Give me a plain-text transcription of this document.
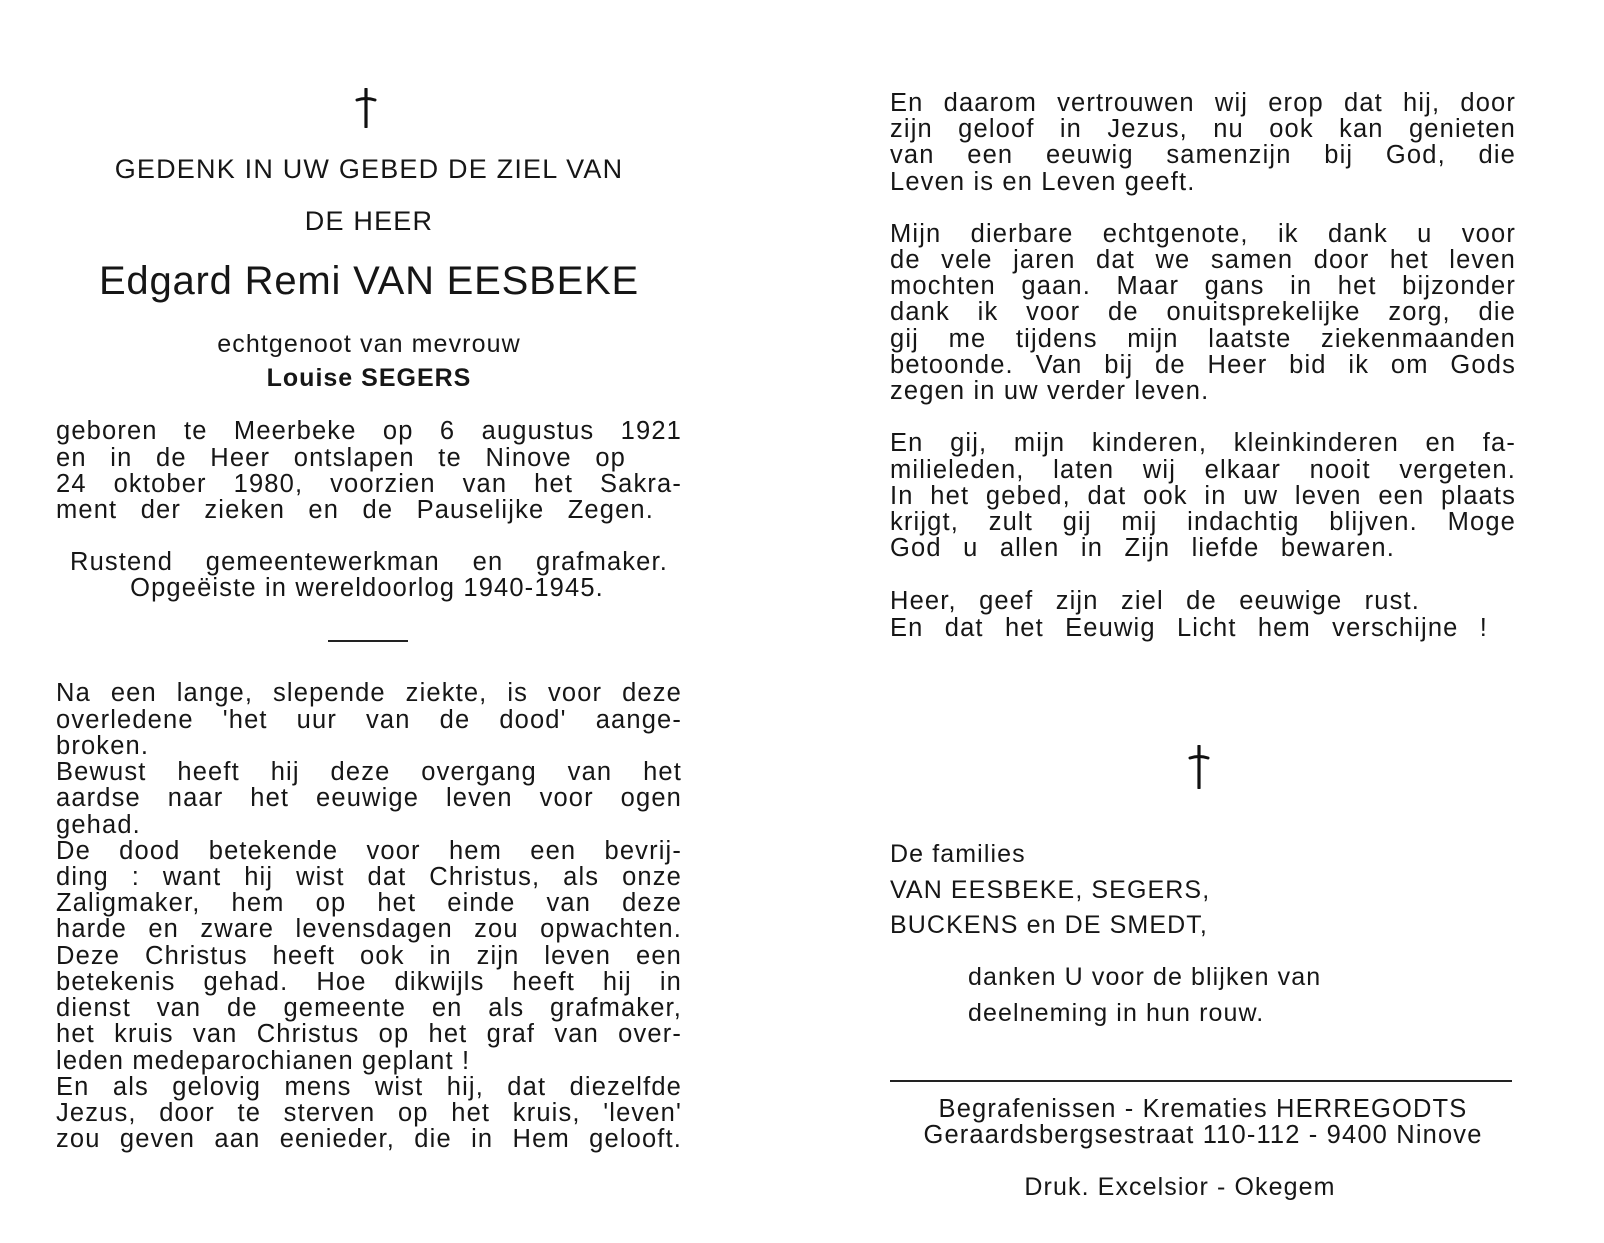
GEDENK IN UW GEBED DE ZIEL VAN
DE HEER
Edgard Remi VAN EESBEKE
echtgenoot van mevrouw
Louise SEGERS
geboren te Meerbeke op 6 augustus 1921
en in de Heer ontslapen te Ninove op
24 oktober 1980, voorzien van het Sakra-
ment der zieken en de Pauselijke Zegen.
Rustend gemeentewerkman en grafmaker.
Opgeëiste in wereldoorlog 1940-1945.
Na een lange, slepende ziekte, is voor deze
overledene 'het uur van de dood' aange-
broken.
Bewust heeft hij deze overgang van het
aardse naar het eeuwige leven voor ogen
gehad.
De dood betekende voor hem een bevrij-
ding : want hij wist dat Christus, als onze
Zaligmaker, hem op het einde van deze
harde en zware levensdagen zou opwachten.
Deze Christus heeft ook in zijn leven een
betekenis gehad. Hoe dikwijls heeft hij in
dienst van de gemeente en als grafmaker,
het kruis van Christus op het graf van over-
leden medeparochianen geplant !
En als gelovig mens wist hij, dat diezelfde
Jezus, door te sterven op het kruis, 'leven'
zou geven aan eenieder, die in Hem gelooft.
En daarom vertrouwen wij erop dat hij, door
zijn geloof in Jezus, nu ook kan genieten
van een eeuwig samenzijn bij God, die
Leven is en Leven geeft.
Mijn dierbare echtgenote, ik dank u voor
de vele jaren dat we samen door het leven
mochten gaan. Maar gans in het bijzonder
dank ik voor de onuitsprekelijke zorg, die
gij me tijdens mijn laatste ziekenmaanden
betoonde. Van bij de Heer bid ik om Gods
zegen in uw verder leven.
En gij, mijn kinderen, kleinkinderen en fa-
milieleden, laten wij elkaar nooit vergeten.
In het gebed, dat ook in uw leven een plaats
krijgt, zult gij mij indachtig blijven. Moge
God u allen in Zijn liefde bewaren.
Heer, geef zijn ziel de eeuwige rust.
En dat het Eeuwig Licht hem verschijne !
De families
VAN EESBEKE, SEGERS,
BUCKENS en DE SMEDT,
danken U voor de blijken van
deelneming in hun rouw.
Begrafenissen - Krematies HERREGODTS
Geraardsbergsestraat 110-112 - 9400 Ninove
Druk. Excelsior - Okegem
